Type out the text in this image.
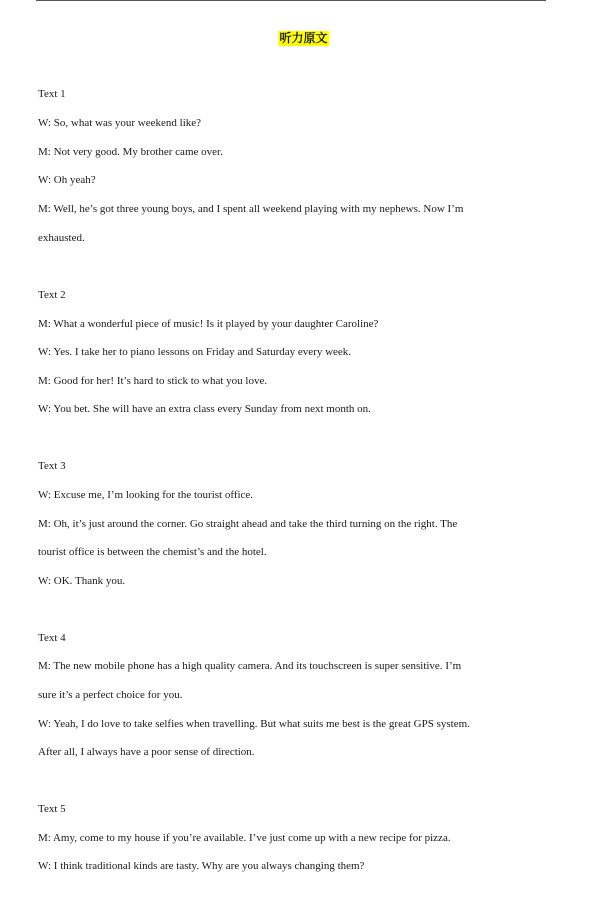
听力原文
Text 1
W: So, what was your weekend like?
M: Not very good. My brother came over.
W: Oh yeah?
M: Well, he’s got three young boys, and I spent all weekend playing with my nephews. Now I’m
exhausted.
Text 2
M: What a wonderful piece of music! Is it played by your daughter Caroline?
W: Yes. I take her to piano lessons on Friday and Saturday every week.
M: Good for her! It’s hard to stick to what you love.
W: You bet. She will have an extra class every Sunday from next month on.
Text 3
W: Excuse me, I’m looking for the tourist office.
M: Oh, it’s just around the corner. Go straight ahead and take the third turning on the right. The
tourist office is between the chemist’s and the hotel.
W: OK. Thank you.
Text 4
M: The new mobile phone has a high quality camera. And its touchscreen is super sensitive. I’m
sure it’s a perfect choice for you.
W: Yeah, I do love to take selfies when travelling. But what suits me best is the great GPS system.
After all, I always have a poor sense of direction.
Text 5
M: Amy, come to my house if you’re available. I’ve just come up with a new recipe for pizza.
W: I think traditional kinds are tasty. Why are you always changing them?
